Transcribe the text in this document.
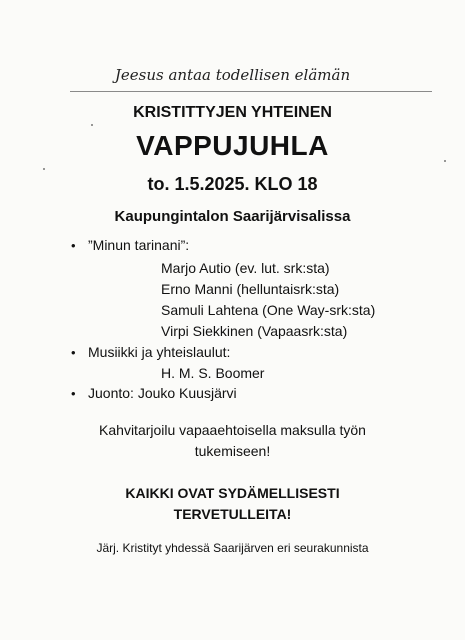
Jeesus antaa todellisen elämän
KRISTITTYJEN YHTEINEN
VAPPUJUHLA
to. 1.5.2025. KLO 18
Kaupungintalon Saarijärvisalissa
• ”Minun tarinani”:
Marjo Autio (ev. lut. srk:sta)
Erno Manni (helluntaisrk:sta)
Samuli Lahtena (One Way-srk:sta)
Virpi Siekkinen (Vapaasrk:sta)
• Musiikki ja yhteislaulut:
H. M. S. Boomer
• Juonto: Jouko Kuusjärvi
Kahvitarjoilu vapaaehtoisella maksulla työn
tukemiseen!
KAIKKI OVAT SYDÄMELLISESTI
TERVETULLEITA!
Järj. Kristityt yhdessä Saarijärven eri seurakunnista
